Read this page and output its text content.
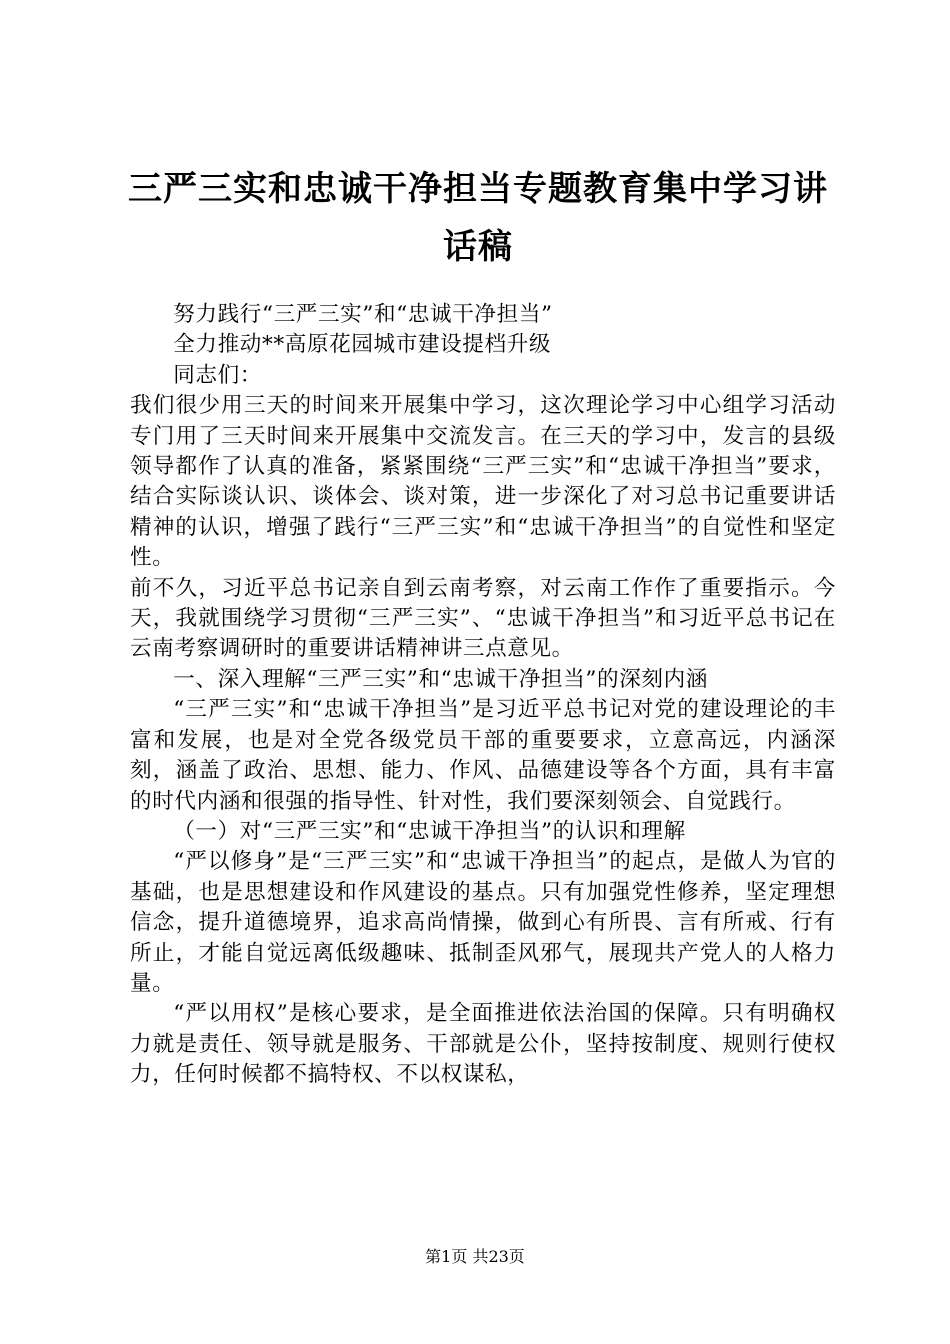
三严三实和忠诚干净担当专题教育集中学习讲话稿

努力践行“三严三实”和“忠诚干净担当”

全力推动**高原花园城市建设提档升级

同志们：

我们很少用三天的时间来开展集中学习，这次理论学习中心组学习活动专门用了三天时间来开展集中交流发言。在三天的学习中，发言的县级领导都作了认真的准备，紧紧围绕“三严三实”和“忠诚干净担当”要求，结合实际谈认识、谈体会、谈对策，进一步深化了对习总书记重要讲话精神的认识，增强了践行“三严三实”和“忠诚干净担当”的自觉性和坚定性。

前不久，习近平总书记亲自到云南考察，对云南工作作了重要指示。今天，我就围绕学习贯彻“三严三实”、“忠诚干净担当”和习近平总书记在云南考察调研时的重要讲话精神讲三点意见。

一、深入理解“三严三实”和“忠诚干净担当”的深刻内涵

“三严三实”和“忠诚干净担当”是习近平总书记对党的建设理论的丰富和发展，也是对全党各级党员干部的重要要求，立意高远，内涵深刻，涵盖了政治、思想、能力、作风、品德建设等各个方面，具有丰富的时代内涵和很强的指导性、针对性，我们要深刻领会、自觉践行。

（一）对“三严三实”和“忠诚干净担当”的认识和理解

“严以修身”是“三严三实”和“忠诚干净担当”的起点，是做人为官的基础，也是思想建设和作风建设的基点。只有加强党性修养，坚定理想信念，提升道德境界，追求高尚情操，做到心有所畏、言有所戒、行有所止，才能自觉远离低级趣味、抵制歪风邪气，展现共产党人的人格力量。

“严以用权”是核心要求，是全面推进依法治国的保障。只有明确权力就是责任、领导就是服务、干部就是公仆，坚持按制度、规则行使权力，任何时候都不搞特权、不以权谋私，

第1页 共23页
